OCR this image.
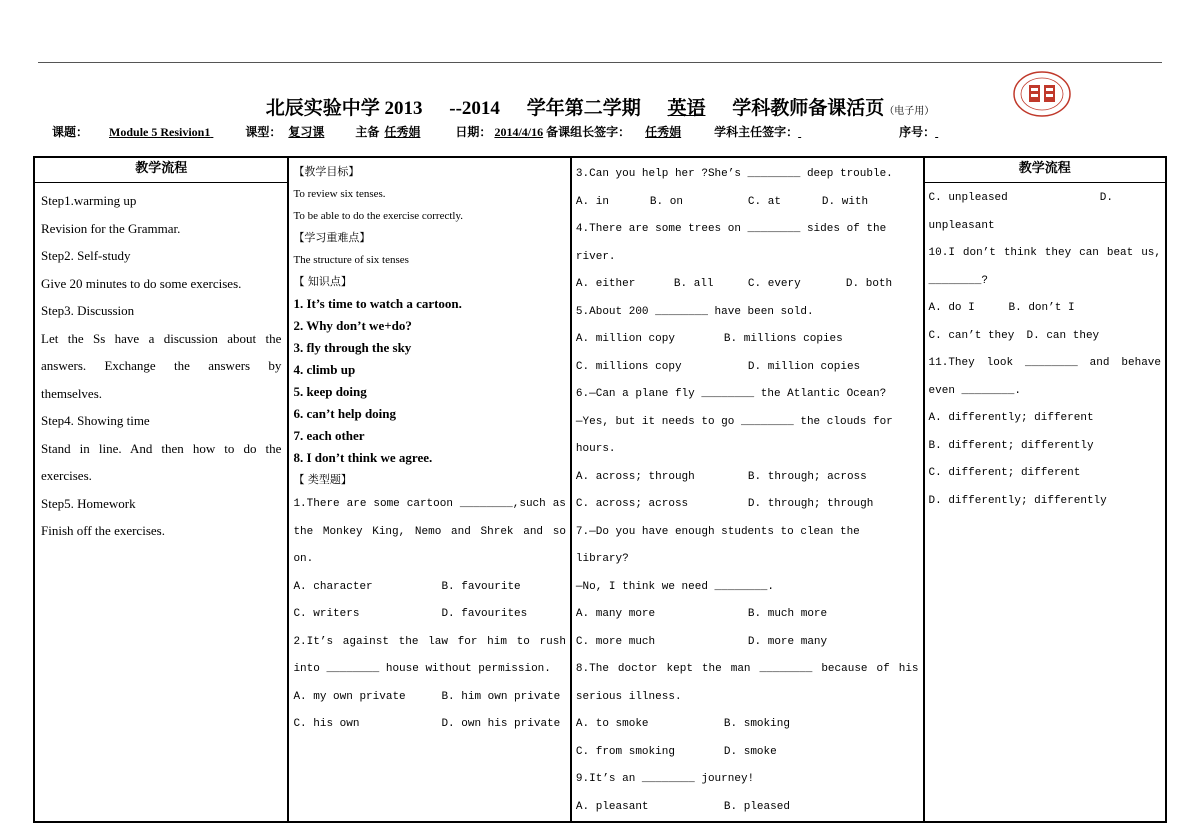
北辰实验中学 2013 --2014 学年第二学期 英语 学科教师备课活页（电子用）
课题： Module 5 Resivion1	课型： 复习课	主备 任秀娟	日期： 2014/4/16 备课组长签字： 任秀娟	学科主任签字：	序号：
教学流程
Step1.warming up
Revision for the Grammar.
Step2. Self-study
Give 20 minutes to do some exercises.
Step3. Discussion
Let the Ss have a discussion about the answers. Exchange the answers by themselves.
Step4. Showing time
Stand in line. And then how to do the exercises.
Step5. Homework
Finish off the exercises.

【教学目标】
To review six tenses.
To be able to do the exercise correctly.
【学习重难点】
The structure of six tenses
【 知识点】
1. It’s time to watch a cartoon.
2. Why don’t we+do?
3. fly through the sky
4. climb up
5. keep doing
6. can’t help doing
7. each other
8. I don’t think we agree.
【 类型题】
1.There are some cartoon ________,such as the Monkey King, Nemo and Shrek and so on.
A. character	B. favourite
C. writers	D. favourites
2.It’s against the law for him to rush into ________ house without permission.
A. my own private	B. him own private
C. his own	D. own his private

3.Can you help her ?She’s ________ deep trouble.
A. in	B. on	C. at	D. with
4.There are some trees on ________ sides of the river.
A. either	B. all	C. every	D. both
5.About 200 ________ have been sold.
A. million copy	B. millions copies
C. millions copy	D. million copies
6.—Can a plane fly ________ the Atlantic Ocean?
—Yes, but it needs to go ________ the clouds for hours.
A. across; through	B. through; across
C. across; across	D. through; through
7.—Do you have enough students to clean the library?
—No, I think we need ________.
A. many more	B. much more
C. more much	D. more many
8.The doctor kept the man ________ because of his serious illness.
A. to smoke	B. smoking
C. from smoking	D. smoke
9.It’s an ________ journey!
A. pleasant	B. pleased

教学流程
C. unpleased	D.
unpleasant
10.I don’t think they can beat us, ________?
A. do I	B. don’t I
C. can’t they	D. can they
11.They look ________ and behave even ________.
A. differently; different
B. different; differently
C. different; different
D. differently; differently
